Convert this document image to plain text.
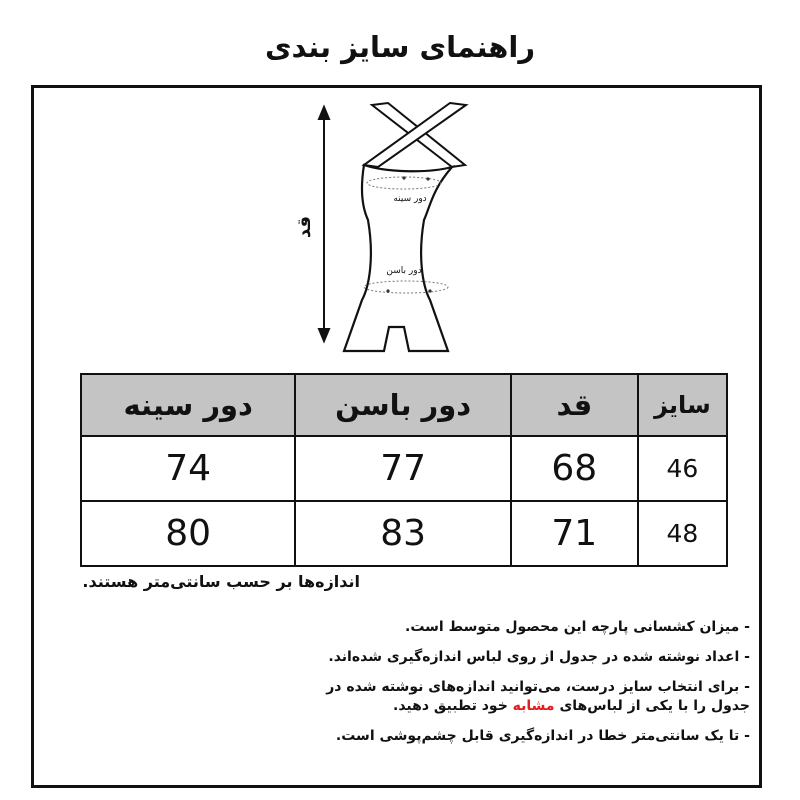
راهنمای سایز بندی
قد
دور سینه
دور باسن
سایز	قد	دور باسن	دور سینه
46	68	77	74
48	71	83	80
اندازه‌ها بر حسب سانتی‌متر هستند.
- میزان کشسانی پارچه این محصول متوسط است.
- اعداد نوشته شده در جدول از روی لباس اندازه‌گیری شده‌اند.
- برای انتخاب سایز درست، می‌توانید اندازه‌های نوشته شده در جدول را با یکی از لباس‌های مشابه خود تطبیق دهید.
- تا یک سانتی‌متر خطا در اندازه‌گیری قابل چشم‌پوشی است.
